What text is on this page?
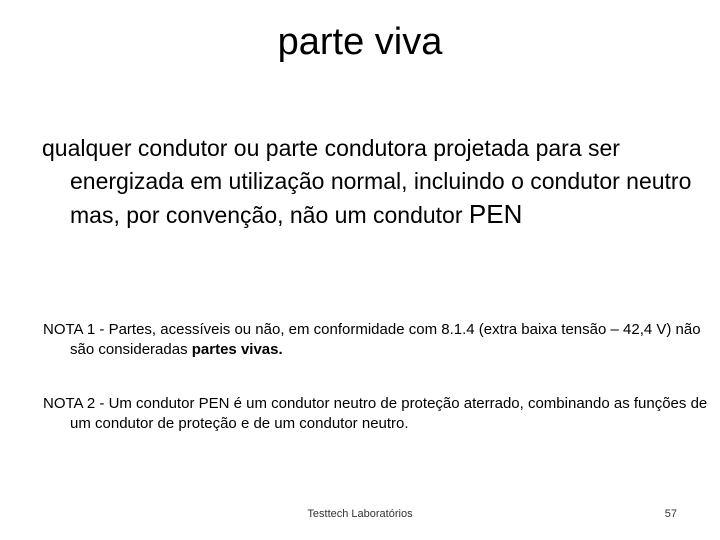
parte viva

qualquer condutor ou parte condutora projetada para ser energizada em utilização normal, incluindo o condutor neutro mas, por convenção, não um condutor PEN

NOTA 1 - Partes, acessíveis ou não, em conformidade com 8.1.4 (extra baixa tensão – 42,4 V) não são consideradas partes vivas.

NOTA 2 - Um condutor PEN é um condutor neutro de proteção aterrado, combinando as funções de um condutor de proteção e de um condutor neutro.

Testtech Laboratórios	57
